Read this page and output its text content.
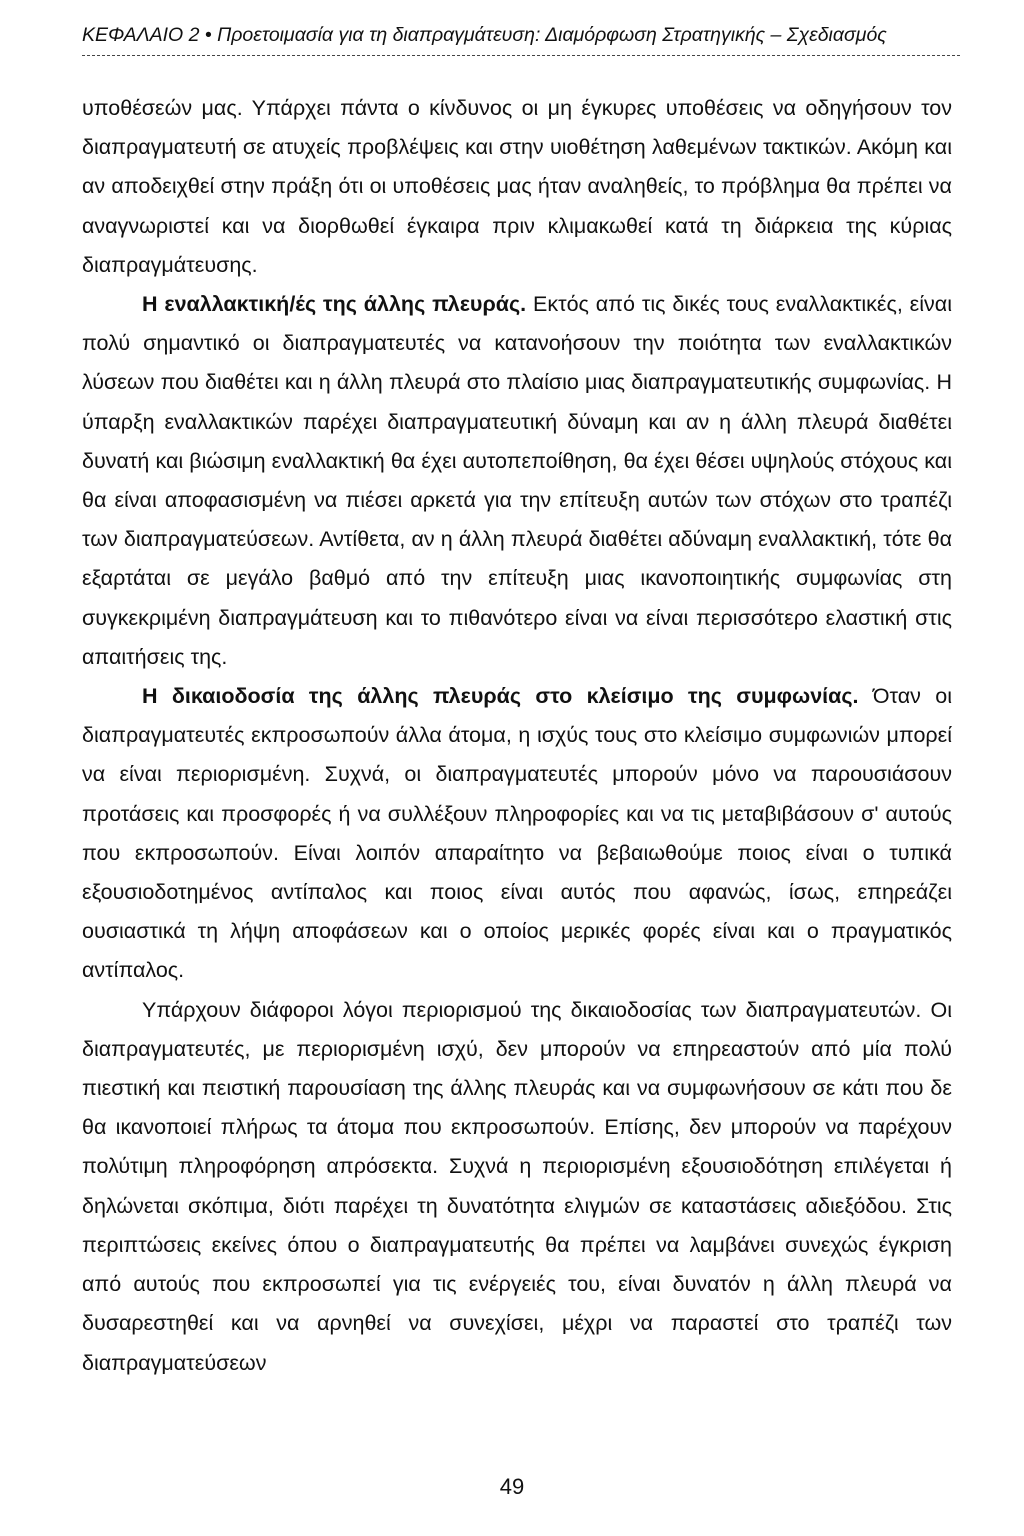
ΚΕΦΑΛΑΙΟ 2 • Προετοιμασία για τη διαπραγμάτευση: Διαμόρφωση Στρατηγικής – Σχεδιασμός

υποθέσεών μας. Υπάρχει πάντα ο κίνδυνος οι μη έγκυρες υποθέσεις να οδηγήσουν τον διαπραγματευτή σε ατυχείς προβλέψεις και στην υιοθέτηση λαθεμένων τακτικών. Ακόμη και αν αποδειχθεί στην πράξη ότι οι υποθέσεις μας ήταν αναληθείς, το πρόβλημα θα πρέπει να αναγνωριστεί και να διορθωθεί έγκαιρα πριν κλιμακωθεί κατά τη διάρκεια της κύριας διαπραγμάτευσης.

Η εναλλακτική/ές της άλλης πλευράς. Εκτός από τις δικές τους εναλλακτικές, είναι πολύ σημαντικό οι διαπραγματευτές να κατανοήσουν την ποιότητα των εναλλακτικών λύσεων που διαθέτει και η άλλη πλευρά στο πλαίσιο μιας διαπραγματευτικής συμφωνίας. Η ύπαρξη εναλλακτικών παρέχει διαπραγματευτική δύναμη και αν η άλλη πλευρά διαθέτει δυνατή και βιώσιμη εναλλακτική θα έχει αυτοπεποίθηση, θα έχει θέσει υψηλούς στόχους και θα είναι αποφασισμένη να πιέσει αρκετά για την επίτευξη αυτών των στόχων στο τραπέζι των διαπραγματεύσεων. Αντίθετα, αν η άλλη πλευρά διαθέτει αδύναμη εναλλακτική, τότε θα εξαρτάται σε μεγάλο βαθμό από την επίτευξη μιας ικανοποιητικής συμφωνίας στη συγκεκριμένη διαπραγμάτευση και το πιθανότερο είναι να είναι περισσότερο ελαστική στις απαιτήσεις της.

Η δικαιοδοσία της άλλης πλευράς στο κλείσιμο της συμφωνίας. Όταν οι διαπραγματευτές εκπροσωπούν άλλα άτομα, η ισχύς τους στο κλείσιμο συμφωνιών μπορεί να είναι περιορισμένη. Συχνά, οι διαπραγματευτές μπορούν μόνο να παρουσιάσουν προτάσεις και προσφορές ή να συλλέξουν πληροφορίες και να τις μεταβιβάσουν σ' αυτούς που εκπροσωπούν. Είναι λοιπόν απαραίτητο να βεβαιωθούμε ποιος είναι ο τυπικά εξουσιοδοτημένος αντίπαλος και ποιος είναι αυτός που αφανώς, ίσως, επηρεάζει ουσιαστικά τη λήψη αποφάσεων και ο οποίος μερικές φορές είναι και ο πραγματικός αντίπαλος.

Υπάρχουν διάφοροι λόγοι περιορισμού της δικαιοδοσίας των διαπραγματευτών. Οι διαπραγματευτές, με περιορισμένη ισχύ, δεν μπορούν να επηρεαστούν από μία πολύ πιεστική και πειστική παρουσίαση της άλλης πλευράς και να συμφωνήσουν σε κάτι που δε θα ικανοποιεί πλήρως τα άτομα που εκπροσωπούν. Επίσης, δεν μπορούν να παρέχουν πολύτιμη πληροφόρηση απρόσεκτα. Συχνά η περιορισμένη εξουσιοδότηση επιλέγεται ή δηλώνεται σκόπιμα, διότι παρέχει τη δυνατότητα ελιγμών σε καταστάσεις αδιεξόδου. Στις περιπτώσεις εκείνες όπου ο διαπραγματευτής θα πρέπει να λαμβάνει συνεχώς έγκριση από αυτούς που εκπροσωπεί για τις ενέργειές του, είναι δυνατόν η άλλη πλευρά να δυσαρεστηθεί και να αρνηθεί να συνεχίσει, μέχρι να παραστεί στο τραπέζι των διαπραγματεύσεων

49
